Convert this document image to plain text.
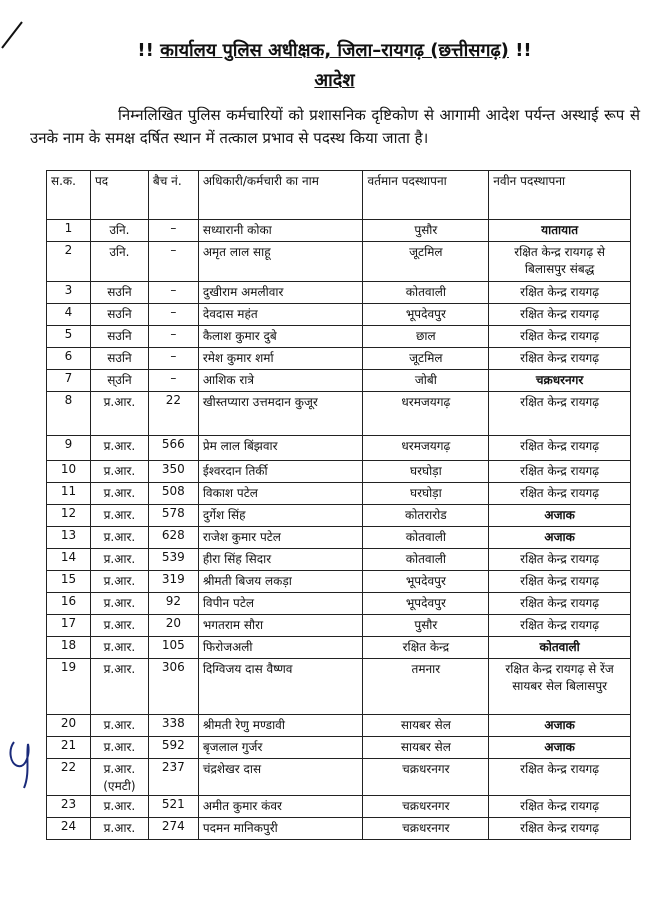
!! कार्यालय पुलिस अधीक्षक, जिला–रायगढ़ (छत्तीसगढ़) !!
आदेश
निम्नलिखित पुलिस कर्मचारियों को प्रशासनिक दृष्टिकोण से आगामी आदेश पर्यन्त अस्थाई रूप से उनके नाम के समक्ष दर्षित स्थान में तत्काल प्रभाव से पदस्थ किया जाता है।
स.क.	पद	बैच नं.	अधिकारी/कर्मचारी का नाम	वर्तमान पदस्थापना	नवीन पदस्थापना
1	उनि.	–	सध्यारानी कोका	पुसौर	यातायात
2	उनि.	–	अमृत लाल साहू	जूटमिल	रक्षित केन्द्र रायगढ़ से बिलासपुर संबद्ध
3	सउनि	–	दुखीराम अमलीवार	कोतवाली	रक्षित केन्द्र रायगढ़
4	सउनि	–	देवदास महंत	भूपदेवपुर	रक्षित केन्द्र रायगढ़
5	सउनि	–	कैलाश कुमार दुबे	छाल	रक्षित केन्द्र रायगढ़
6	सउनि	–	रमेश कुमार शर्मा	जूटमिल	रक्षित केन्द्र रायगढ़
7	स्उनि	–	आशिक रात्रे	जोबी	चक्रधरनगर
8	प्र.आर.	22	खीस्तप्यारा उत्तमदान कुजूर	धरमजयगढ़	रक्षित केन्द्र रायगढ़
9	प्र.आर.	566	प्रेम लाल बिंझवार	धरमजयगढ़	रक्षित केन्द्र रायगढ़
10	प्र.आर.	350	ईश्वरदान तिर्की	घरघोड़ा	रक्षित केन्द्र रायगढ़
11	प्र.आर.	508	विकाश पटेल	घरघोड़ा	रक्षित केन्द्र रायगढ़
12	प्र.आर.	578	दुर्गेश सिंह	कोतरारोड	अजाक
13	प्र.आर.	628	राजेश कुमार पटेल	कोतवाली	अजाक
14	प्र.आर.	539	हीरा सिंह सिदार	कोतवाली	रक्षित केन्द्र रायगढ़
15	प्र.आर.	319	श्रीमती बिजय लकड़ा	भूपदेवपुर	रक्षित केन्द्र रायगढ़
16	प्र.आर.	92	विपीन पटेल	भूपदेवपुर	रक्षित केन्द्र रायगढ़
17	प्र.आर.	20	भगतराम सौरा	पुसौर	रक्षित केन्द्र रायगढ़
18	प्र.आर.	105	फिरोजअली	रक्षित केन्द्र	कोतवाली
19	प्र.आर.	306	दिग्विजय दास वैष्णव	तमनार	रक्षित केन्द्र रायगढ़ से रेंज सायबर सेल बिलासपुर
20	प्र.आर.	338	श्रीमती रेणु मण्डावी	सायबर सेल	अजाक
21	प्र.आर.	592	बृजलाल गुर्जर	सायबर सेल	अजाक
22	प्र.आर. (एमटी)	237	चंद्रशेखर दास	चक्रधरनगर	रक्षित केन्द्र रायगढ़
23	प्र.आर.	521	अमीत कुमार कंवर	चक्रधरनगर	रक्षित केन्द्र रायगढ़
24	प्र.आर.	274	पदमन मानिकपुरी	चक्रधरनगर	रक्षित केन्द्र रायगढ़
